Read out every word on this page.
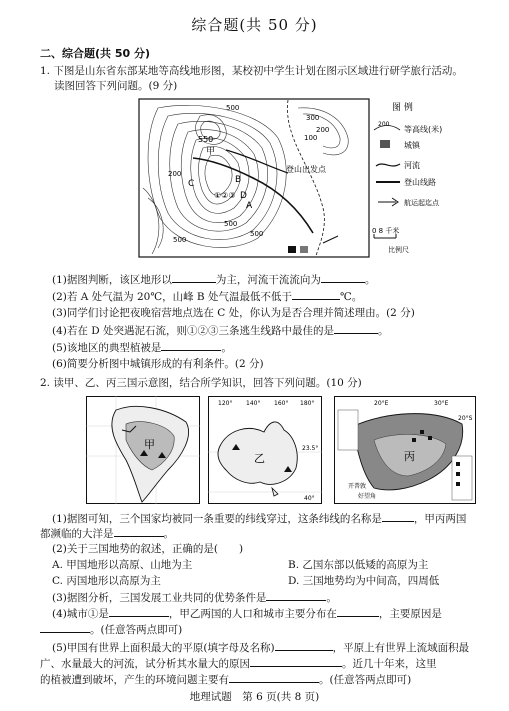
综合题(共 50 分)
二、综合题(共 50 分)
1. 下图是山东省东部某地等高线地形图，某校初中学生计划在图示区域进行研学旅行活动。
读图回答下列问题。(9 分)
550
甲
C	B
D
A
①②③
登山出发点
300
200
100
500
500
500
200
500	图 例
200
等高线(米)
城镇
河流
登山线路
航运起迄点
0 8 千米
比例尺
(1)据图判断，该区地形以	为主，河流干流流向为	。
(2)若 A 处气温为 20℃，山峰 B 处气温最低不低于	℃。
(3)同学们讨论把夜晚宿营地点选在 C 处，你认为是否合理并简述理由。(2 分)
(4)若在 D 处突遇泥石流，则①②③三条逃生线路中最佳的是	。
(5)该地区的典型植被是	。
(6)简要分析图中城镇形成的有利条件。(2 分)
2. 读甲、乙、丙三国示意图，结合所学知识，回答下列问题。(10 分)
甲
120° 140° 160° 180°
23.5°
40°
乙
20°E	30°E
20°S
丙
开普敦
好望角
(1)据图可知，三个国家均被同一条重要的纬线穿过，这条纬线的名称是	，甲丙两国
都濒临的大洋是	。
(2)关于三国地势的叙述，正确的是(　　)
A. 甲国地形以高原、山地为主	B. 乙国东部以低矮的高原为主
C. 丙国地形以高原为主	D. 三国地势均为中间高，四周低
(3)据图分析，三国发展工业共同的优势条件是	。
(4)城市①是	，甲乙两国的人口和城市主要分布在	，主要原因是
。(任意答两点即可)
(5)甲国有世界上面积最大的平原(填字母及名称)	，平原上有世界上流域面积最
广、水量最大的河流，试分析其水量大的原因	。近几十年来，这里
的植被遭到破坏，产生的环境问题主要有	。(任意答两点即可)
地理试题　第 6 页(共 8 页)
